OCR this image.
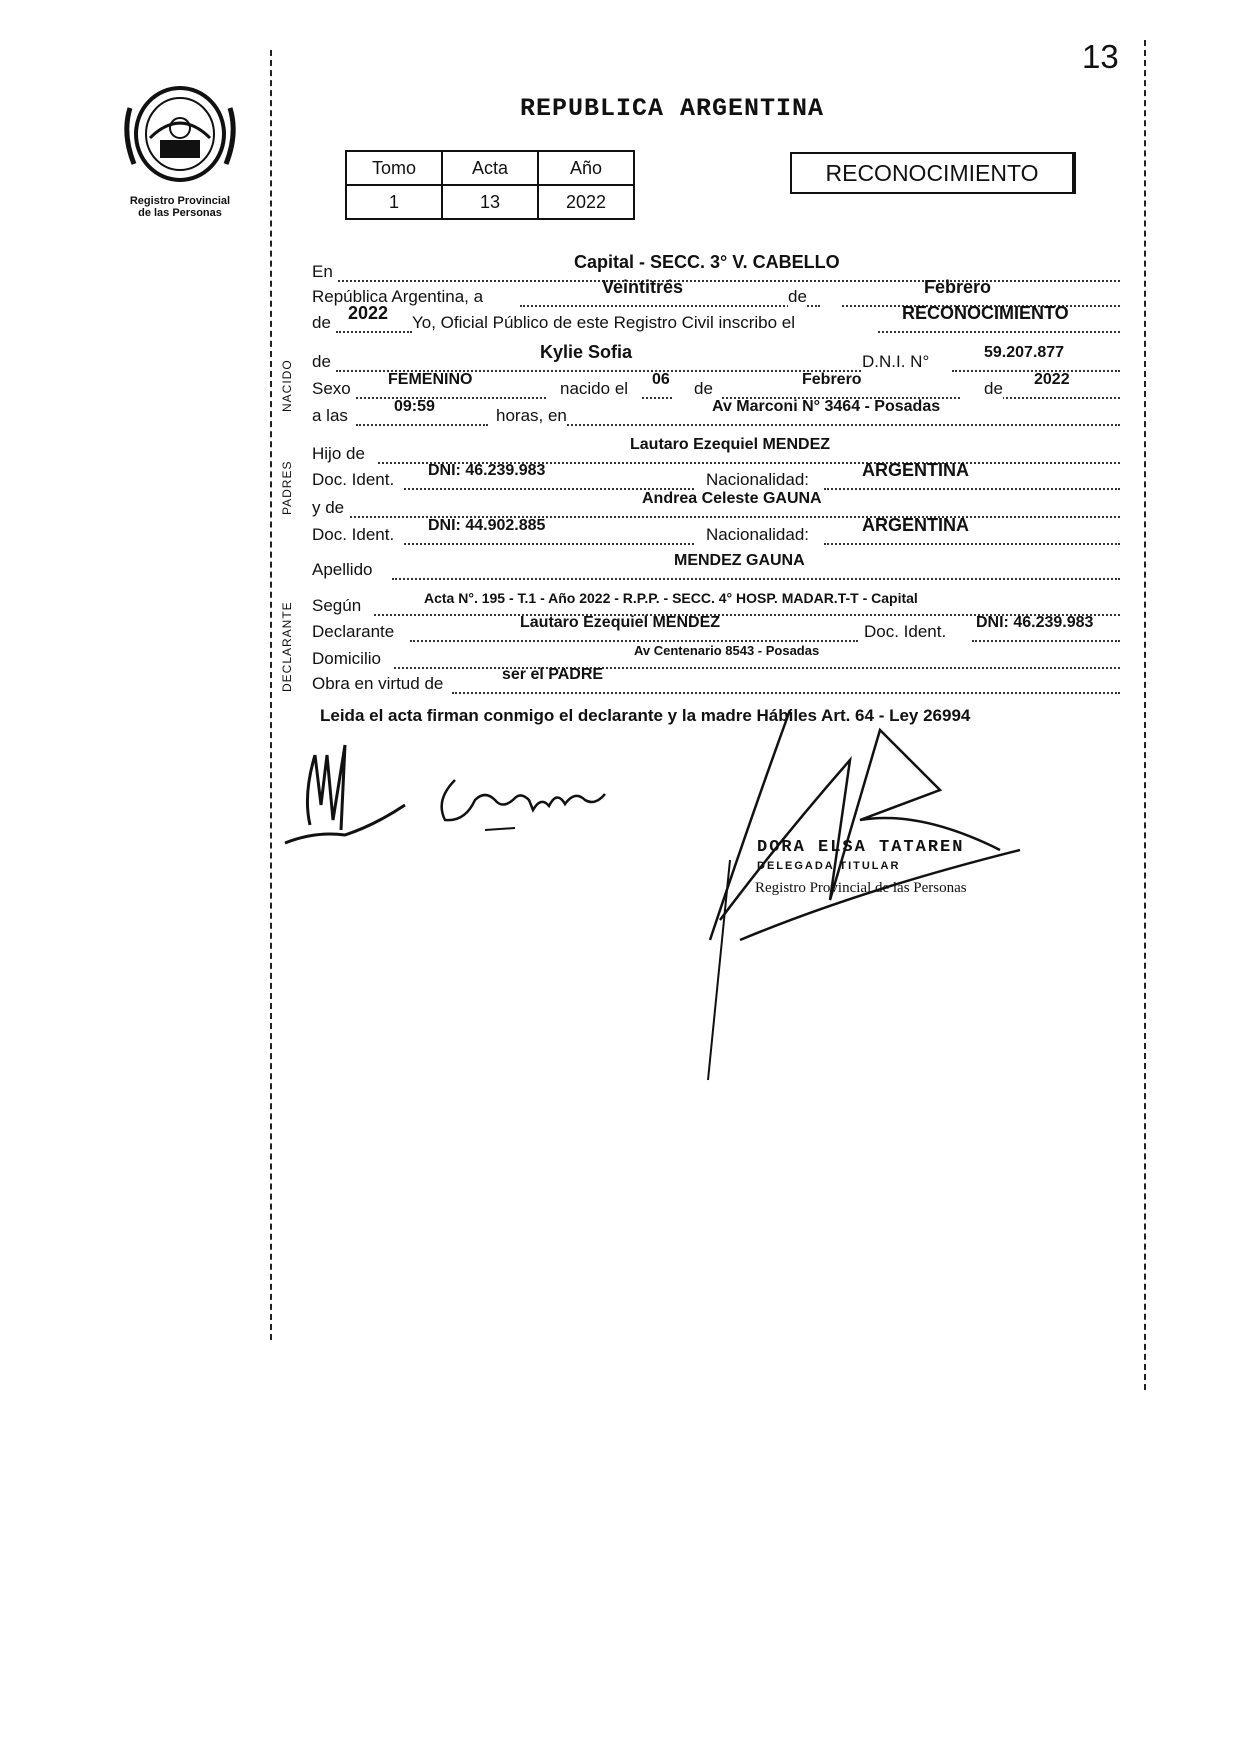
13
Registro Provincial
de las Personas
REPUBLICA ARGENTINA
Tomo	Acta	Año
1	13	2022
RECONOCIMIENTO
NACIDO
PADRES
DECLARANTE
En	Capital - SECC. 3° V. CABELLO
República Argentina, a	Veintitrés	de	Febrero
de 2022 Yo, Oficial Público de este Registro Civil inscribo el	RECONOCIMIENTO
de	Kylie Sofia	D.N.I. N°	59.207.877
Sexo FEMENINO	nacido el 06 de	Febrero	de 2022
a las	09:59	horas, en	Av Marconi N° 3464 - Posadas
Hijo de	Lautaro Ezequiel MENDEZ
Doc. Ident. DNI: 46.239.983	Nacionalidad:	ARGENTINA
y de	Andrea Celeste GAUNA
Doc. Ident. DNI: 44.902.885	Nacionalidad:	ARGENTINA
Apellido	MENDEZ GAUNA
Según	Acta N°. 195 - T.1 - Año 2022 - R.P.P. - SECC. 4° HOSP. MADAR.T-T - Capital
Declarante	Lautaro Ezequiel MENDEZ	Doc. Ident. DNI: 46.239.983
Domicilio	Av Centenario 8543 - Posadas
Obra en virtud de	ser el PADRE
Leida el acta firman conmigo el declarante y la madre Hábiles Art. 64 - Ley 26994
DORA ELSA TATAREN
DELEGADA TITULAR
Registro Provincial de las Personas
